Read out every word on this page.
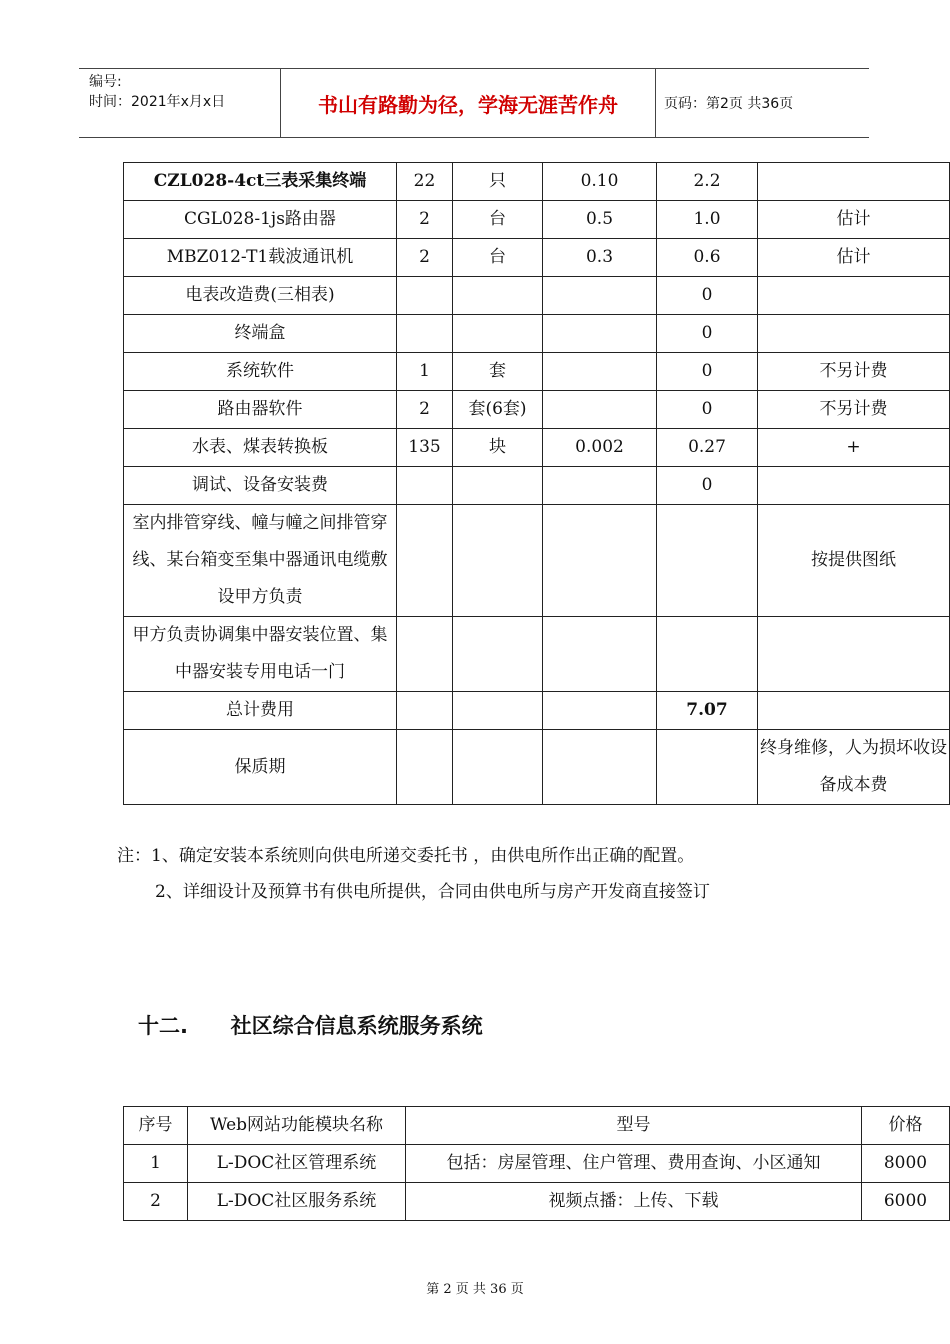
编号:
时间：2021年x月x日	书山有路勤为径，学海无涯苦作舟	页码：第2页 共36页
CZL028-4ct三表采集终端	22	只	0.10	2.2	
CGL028-1js路由器	2	台	0.5	1.0	估计
MBZ012-T1载波通讯机	2	台	0.3	0.6	估计
电表改造费(三相表)				0	
终端盒				0	
系统软件	1	套		0	不另计费
路由器软件	2	套(6套)		0	不另计费
水表、煤表转换板	135	块	0.002	0.27	+
调试、设备安装费				0	
室内排管穿线、幢与幢之间排管穿线、某台箱变至集中器通讯电缆敷设甲方负责					按提供图纸
甲方负责协调集中器安装位置、集中器安装专用电话一门					
总计费用				7.07	
保质期					终身维修，人为损坏收设备成本费
注：1、确定安装本系统则向供电所递交委托书 ，由供电所作出正确的配置。
2、详细设计及预算书有供电所提供，合同由供电所与房产开发商直接签订
十二. 社区综合信息系统服务系统
序号	Web网站功能模块名称	型号	价格
1	L-DOC社区管理系统	包括：房屋管理、住户管理、费用查询、小区通知	8000
2	L-DOC社区服务系统	视频点播：上传、下载	6000
第 2 页 共 36 页
